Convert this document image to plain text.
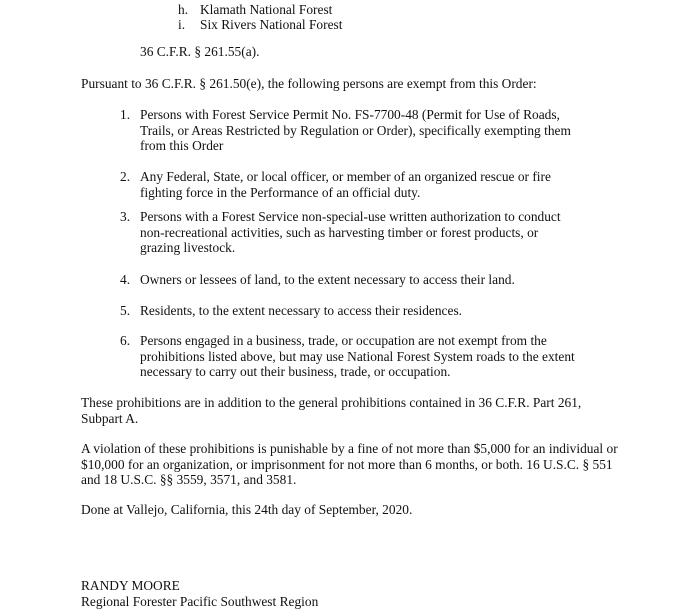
h. Klamath National Forest
i. Six Rivers National Forest
36 C.F.R. § 261.55(a).
Pursuant to 36 C.F.R. § 261.50(e), the following persons are exempt from this Order:
1. Persons with Forest Service Permit No. FS-7700-48 (Permit for Use of Roads, Trails, or Areas Restricted by Regulation or Order), specifically exempting them from this Order
2. Any Federal, State, or local officer, or member of an organized rescue or fire fighting force in the Performance of an official duty.
3. Persons with a Forest Service non-special-use written authorization to conduct non-recreational activities, such as harvesting timber or forest products, or grazing livestock.
4. Owners or lessees of land, to the extent necessary to access their land.
5. Residents, to the extent necessary to access their residences.
6. Persons engaged in a business, trade, or occupation are not exempt from the prohibitions listed above, but may use National Forest System roads to the extent necessary to carry out their business, trade, or occupation.
These prohibitions are in addition to the general prohibitions contained in 36 C.F.R. Part 261, Subpart A.
A violation of these prohibitions is punishable by a fine of not more than $5,000 for an individual or $10,000 for an organization, or imprisonment for not more than 6 months, or both. 16 U.S.C. § 551 and 18 U.S.C. §§ 3559, 3571, and 3581.
Done at Vallejo, California, this 24th day of September, 2020.
RANDY MOORE
Regional Forester Pacific Southwest Region
